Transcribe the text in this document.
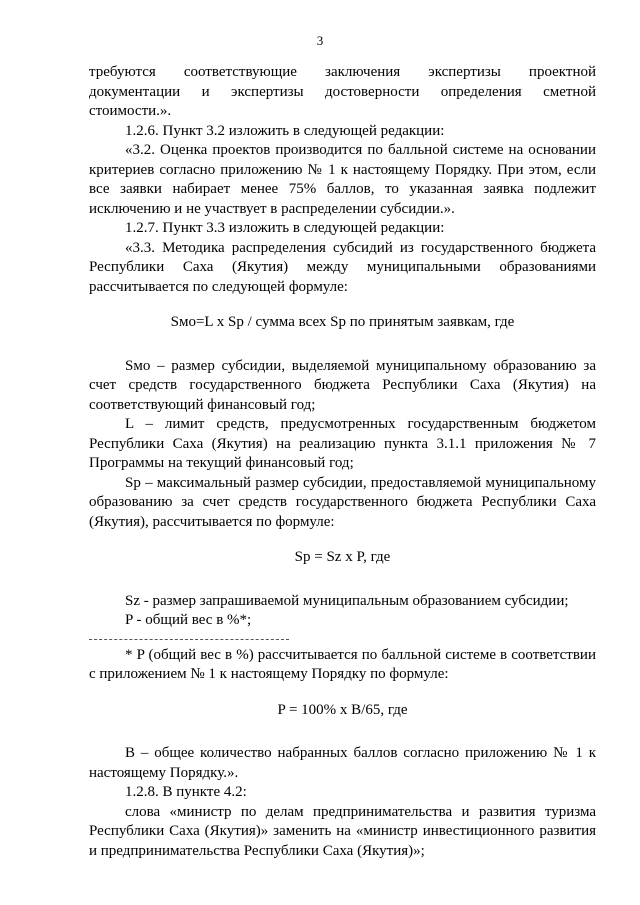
3

требуются соответствующие заключения экспертизы проектной

документации и экспертизы достоверности определения сметной

стоимости.».

1.2.6. Пункт 3.2 изложить в следующей редакции:

«3.2. Оценка проектов производится по балльной системе на основании критериев согласно приложению № 1 к настоящему Порядку. При этом, если все заявки набирает менее 75% баллов, то указанная заявка подлежит исключению и не участвует в распределении субсидии.».

1.2.7. Пункт 3.3 изложить в следующей редакции:

«3.3. Методика распределения субсидий из государственного бюджета Республики Саха (Якутия) между муниципальными образованиями рассчитывается по следующей формуле:

Sмо=L x Sp / сумма всех Sp по принятым заявкам, где

Sмо – размер субсидии, выделяемой муниципальному образованию за счет средств государственного бюджета Республики Саха (Якутия) на соответствующий финансовый год;

L – лимит средств, предусмотренных государственным бюджетом Республики Саха (Якутия) на реализацию пункта 3.1.1 приложения № 7 Программы на текущий финансовый год;

Sp – максимальный размер субсидии, предоставляемой муниципальному образованию за счет средств государственного бюджета Республики Саха (Якутия), рассчитывается по формуле:

Sp = Sz x P, где

Sz - размер запрашиваемой муниципальным образованием субсидии;

P - общий вес в %*;

* P (общий вес в %) рассчитывается по балльной системе в соответствии с приложением № 1 к настоящему Порядку по формуле:

P = 100% x B/65, где

B – общее количество набранных баллов согласно приложению № 1 к настоящему Порядку.».

1.2.8. В пункте 4.2:

слова «министр по делам предпринимательства и развития туризма Республики Саха (Якутия)» заменить на «министр инвестиционного развития и предпринимательства Республики Саха (Якутия)»;
